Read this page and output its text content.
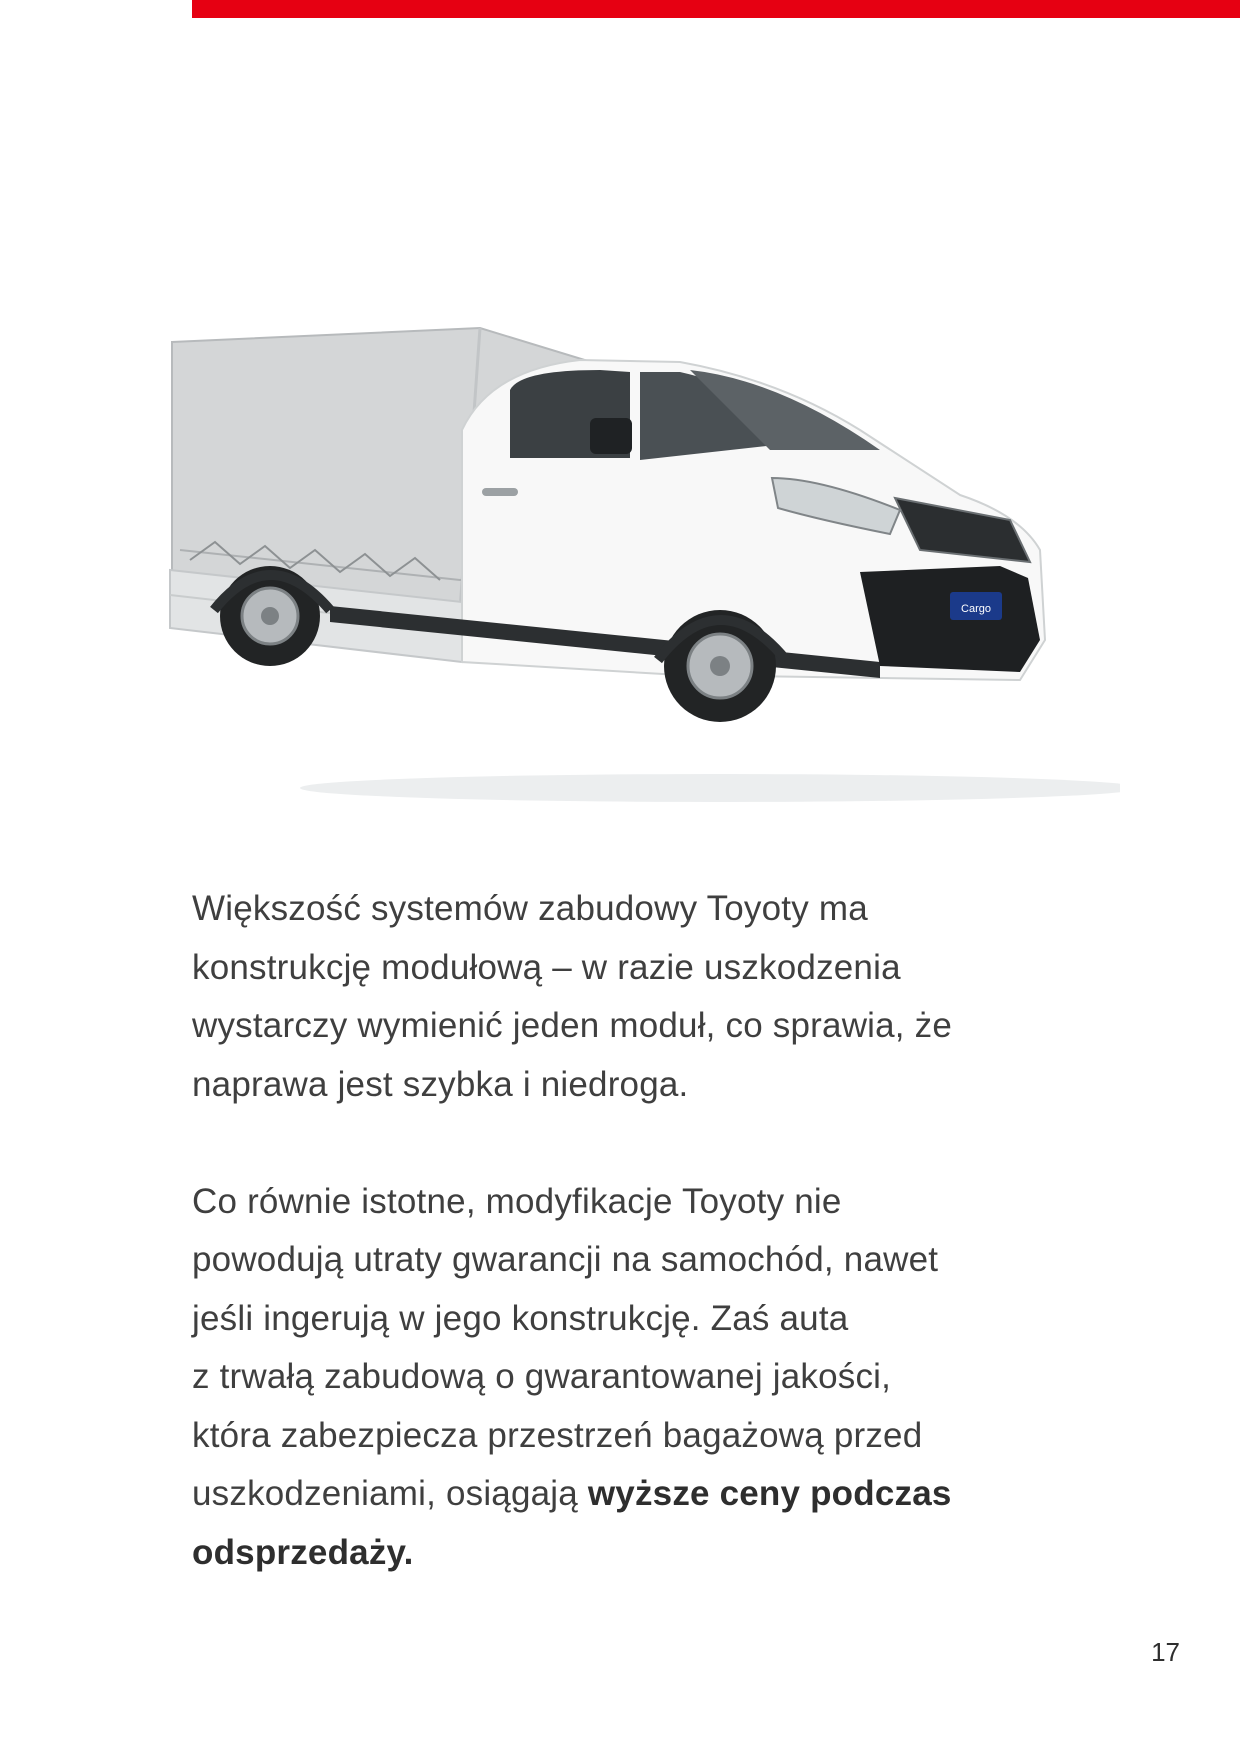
Cargo

Większość systemów zabudowy Toyoty ma
konstrukcję modułową – w razie uszkodzenia
wystarczy wymienić jeden moduł, co sprawia, że
naprawa jest szybka i niedroga.

Co równie istotne, modyfikacje Toyoty nie
powodują utraty gwarancji na samochód, nawet
jeśli ingerują w jego konstrukcję. Zaś auta
z trwałą zabudową o gwarantowanej jakości,
która zabezpiecza przestrzeń bagażową przed
uszkodzeniami, osiągają wyższe ceny podczas
odsprzedaży.

17
